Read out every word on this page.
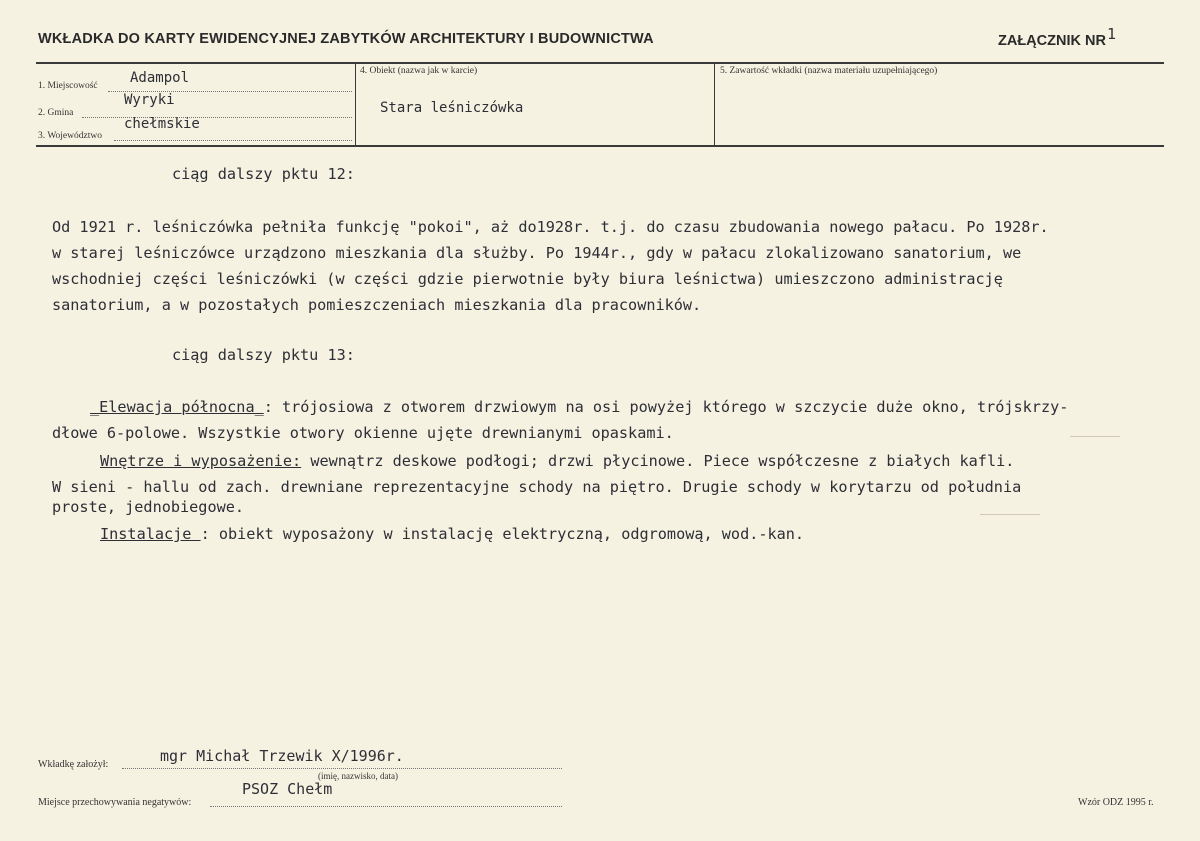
WKŁADKA DO KARTY EWIDENCYJNEJ ZABYTKÓW ARCHITEKTURY I BUDOWNICTWA	ZAŁĄCZNIK NR1
1. Miejscowość Adampol
2. Gmina
Wyryki
3. Województwo
chełmskie
4. Obiekt (nazwa jak w karcie)
Stara leśniczówka
5. Zawartość wkładki (nazwa materiału uzupełniającego)
ciąg dalszy pktu 12:
Od 1921 r. leśniczówka pełniła funkcję "pokoi", aż do1928r. t.j. do czasu zbudowania nowego pałacu. Po 1928r.
w starej leśniczówce urządzono mieszkania dla służby. Po 1944r., gdy w pałacu zlokalizowano sanatorium, we
wschodniej części leśniczówki (w części gdzie pierwotnie były biura leśnictwa) umieszczono administrację
sanatorium, a w pozostałych pomieszczeniach mieszkania dla pracowników.
ciąg dalszy pktu 13:
_Elewacja północna_: trójosiowa z otworem drzwiowym na osi powyżej którego w szczycie duże okno, trójskrzy-
dłowe 6-polowe. Wszystkie otwory okienne ujęte drewnianymi opaskami.
Wnętrze i wyposażenie: wewnątrz deskowe podłogi; drzwi płycinowe. Piece współczesne z białych kafli.
W sieni - hallu od zach. drewniane reprezentacyjne schody na piętro. Drugie schody w korytarzu od południa
proste, jednobiegowe.
Instalacje : obiekt wyposażony w instalację elektryczną, odgromową, wod.-kan.
Wkładkę założył:	mgr Michał Trzewik X/1996r.
(imię, nazwisko, data)
Miejsce przechowywania negatywów:
PSOZ Chełm
Wzór ODZ 1995 r.
